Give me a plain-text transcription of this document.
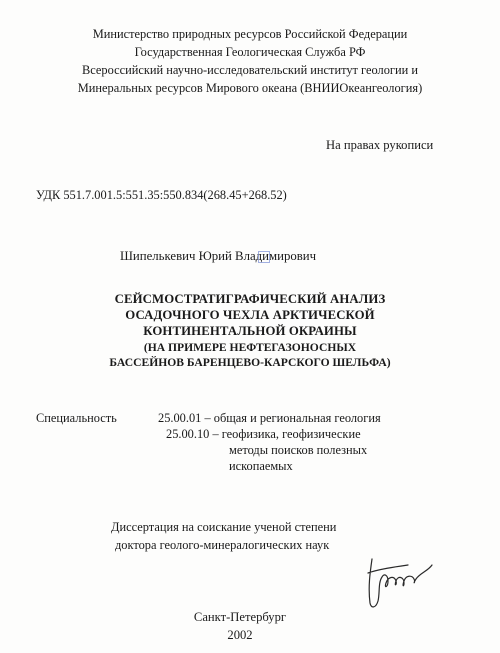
Министерство природных ресурсов Российской Федерации
Государственная Геологическая Служба РФ
Всероссийский научно-исследовательский институт геологии и
Минеральных ресурсов Мирового океана (ВНИИОкеангеология)
На правах рукописи
УДК 551.7.001.5:551.35:550.834(268.45+268.52)
Шипелькевич Юрий Владимирович
СЕЙСМОСТРАТИГРАФИЧЕСКИЙ АНАЛИЗ
ОСАДОЧНОГО ЧЕХЛА АРКТИЧЕСКОЙ
КОНТИНЕНТАЛЬНОЙ ОКРАИНЫ
(НА ПРИМЕРЕ НЕФТЕГАЗОНОСНЫХ
БАССЕЙНОВ БАРЕНЦЕВО-КАРСКОГО ШЕЛЬФА)
Специальность	25.00.01 – общая и региональная геология
25.00.10 – геофизика, геофизические
методы поисков полезных
ископаемых
Диссертация на соискание ученой степени
доктора геолого-минералогических наук
Санкт-Петербург
2002
